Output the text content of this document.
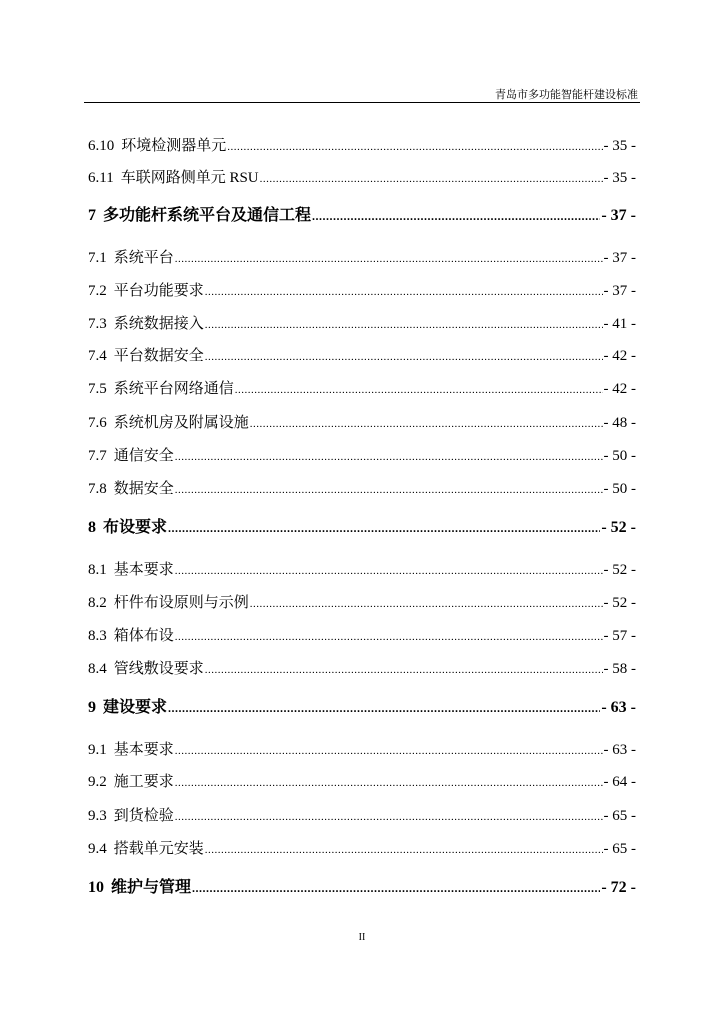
青岛市多功能智能杆建设标准
6.10 环境检测器单元 .....	- 35 -
6.11 车联网路侧单元 RSU .....	- 35 -
7 多功能杆系统平台及通信工程 .....	- 37 -
7.1 系统平台 .....	- 37 -
7.2 平台功能要求 .....	- 37 -
7.3 系统数据接入 .....	- 41 -
7.4 平台数据安全 .....	- 42 -
7.5 系统平台网络通信 .....	- 42 -
7.6 系统机房及附属设施 .....	- 48 -
7.7 通信安全 .....	- 50 -
7.8 数据安全 .....	- 50 -
8 布设要求 .....	- 52 -
8.1 基本要求 .....	- 52 -
8.2 杆件布设原则与示例 .....	- 52 -
8.3 箱体布设 .....	- 57 -
8.4 管线敷设要求 .....	- 58 -
9 建设要求 .....	- 63 -
9.1 基本要求 .....	- 63 -
9.2 施工要求 .....	- 64 -
9.3 到货检验 .....	- 65 -
9.4 搭载单元安装 .....	- 65 -
10 维护与管理 .....	- 72 -
II
